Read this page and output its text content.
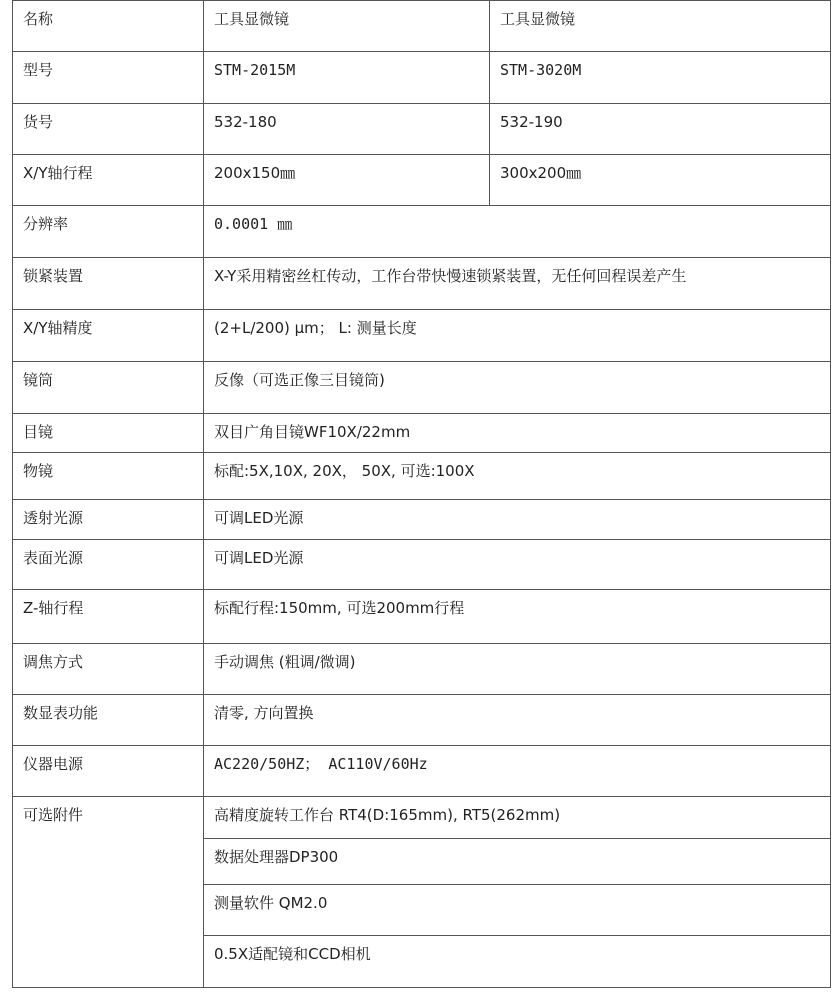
名称	工具显微镜	工具显微镜
型号	STM-2015M	STM-3020M
货号	532-180	532-190
X/Y轴行程	200x150㎜	300x200㎜
分辨率	0.0001 ㎜	
锁紧装置	X-Y采用精密丝杠传动，工作台带快慢速锁紧装置，无任何回程误差产生	
X/Y轴精度	(2+L/200) μm； L: 测量长度	
镜筒	反像（可选正像三目镜筒)	
目镜	双目广角目镜WF10X/22mm	
物镜	标配:5X,10X, 20X， 50X, 可选:100X	
透射光源	可调LED光源	
表面光源	可调LED光源	
Z-轴行程	标配行程:150mm, 可选200mm行程	
调焦方式	手动调焦 (粗调/微调)	
数显表功能	清零, 方向置换	
仪器电源	AC220/50HZ； AC110V/60Hz	
可选附件	高精度旋转工作台 RT4(D:165mm), RT5(262mm)	
	数据处理器DP300	
	测量软件 QM2.0	
	0.5X适配镜和CCD相机	
